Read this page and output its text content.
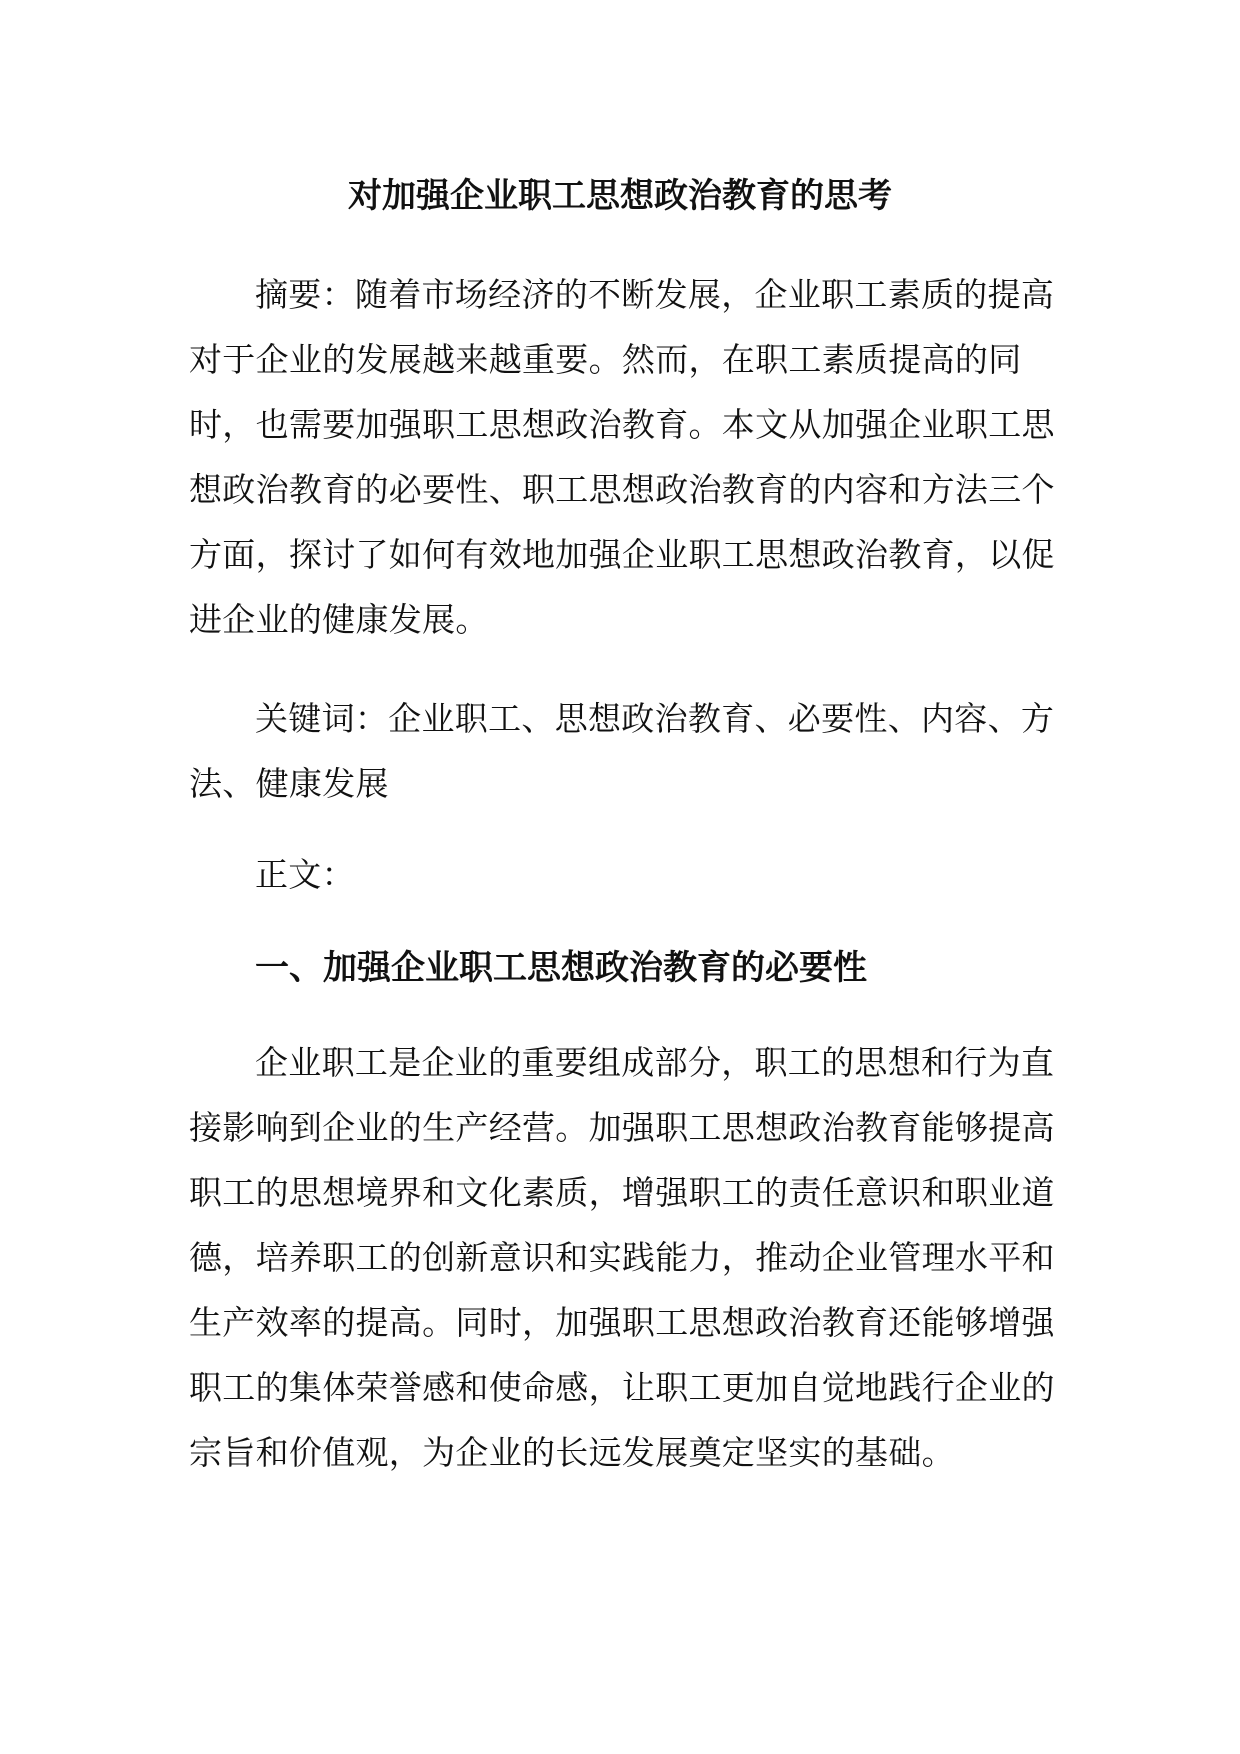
对加强企业职工思想政治教育的思考

摘要：随着市场经济的不断发展，企业职工素质的提高对于企业的发展越来越重要。然而，在职工素质提高的同时，也需要加强职工思想政治教育。本文从加强企业职工思想政治教育的必要性、职工思想政治教育的内容和方法三个方面，探讨了如何有效地加强企业职工思想政治教育，以促进企业的健康发展。

关键词：企业职工、思想政治教育、必要性、内容、方法、健康发展

正文：

一、加强企业职工思想政治教育的必要性

企业职工是企业的重要组成部分，职工的思想和行为直接影响到企业的生产经营。加强职工思想政治教育能够提高职工的思想境界和文化素质，增强职工的责任意识和职业道德，培养职工的创新意识和实践能力，推动企业管理水平和生产效率的提高。同时，加强职工思想政治教育还能够增强职工的集体荣誉感和使命感，让职工更加自觉地践行企业的宗旨和价值观，为企业的长远发展奠定坚实的基础。
